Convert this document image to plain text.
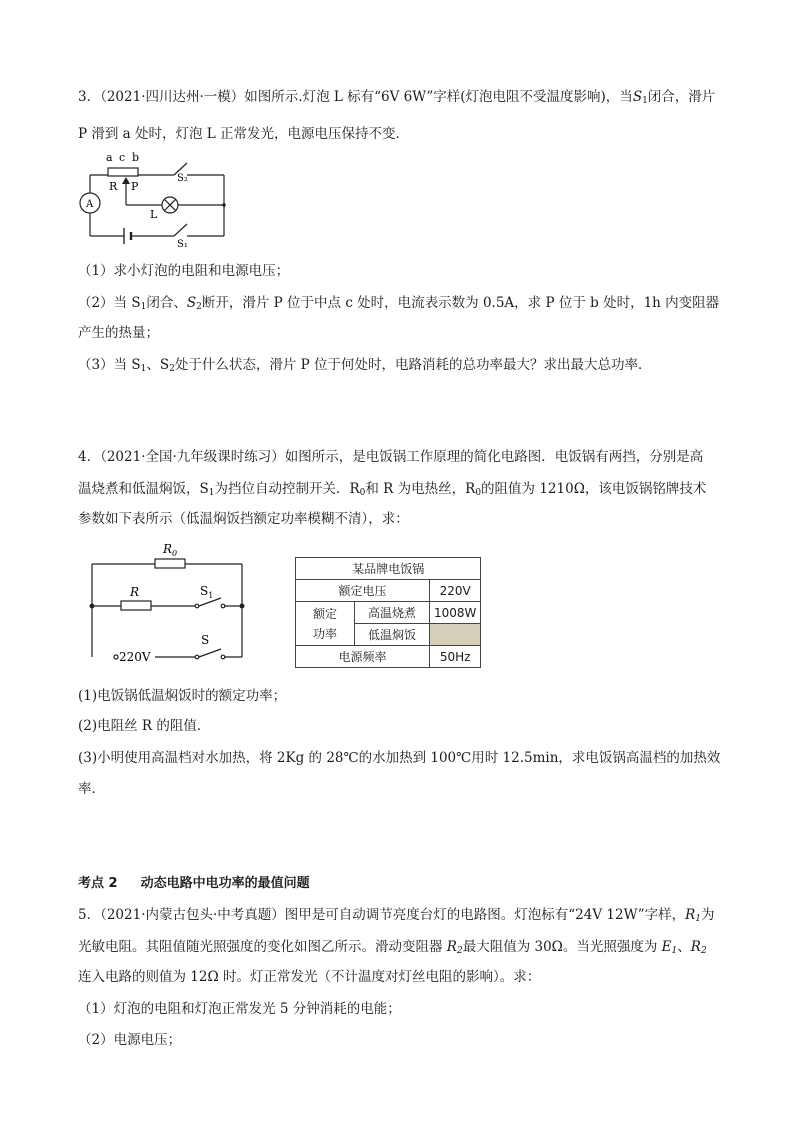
3．（2021·四川达州·一模）如图所示.灯泡 L 标有“6V 6W”字样(灯泡电阻不受温度影响)，当S1闭合，滑片
P 滑到 a 处时，灯泡 L 正常发光，电源电压保持不变．
a c b
R P
A
L
S₂
S₁
（1）求小灯泡的电阻和电源电压；
（2）当 S1闭合、S2断开，滑片 P 位于中点 c 处时，电流表示数为 0.5A，求 P 位于 b 处时，1h 内变阻器
产生的热量；
（3）当 S1、S2处于什么状态，滑片 P 位于何处时，电路消耗的总功率最大？求出最大总功率．
4．（2021·全国·九年级课时练习）如图所示，是电饭锅工作原理的简化电路图．电饭锅有两挡，分别是高
温烧煮和低温焖饭，S1为挡位自动控制开关．R0和 R 为电热丝，R0的阻值为 1210Ω，该电饭锅铭牌技术
参数如下表所示（低温焖饭挡额定功率模糊不清），求：
$R_0$
R	$S_1$
S
220V
某品牌电饭锅		
额定电压		220V
额定
功率	高温烧煮	1008W
	低温焖饭	
电源频率		50Hz
(1)电饭锅低温焖饭时的额定功率；
(2)电阻丝 R 的阻值．
(3)小明使用高温档对水加热，将 2Kg 的 28℃的水加热到 100℃用时 12.5min，求电饭锅高温档的加热效
率．
考点 2 动态电路中电功率的最值问题
5．（2021·内蒙古包头·中考真题）图甲是可自动调节亮度台灯的电路图。灯泡标有“24V 12W”字样，R1为
光敏电阻。其阻值随光照强度的变化如图乙所示。滑动变阻器 R2最大阻值为 30Ω。当光照强度为 E1、R2
连入电路的则值为 12Ω 时。灯正常发光（不计温度对灯丝电阻的影响）。求：
（1）灯泡的电阻和灯泡正常发光 5 分钟消耗的电能；
（2）电源电压；
